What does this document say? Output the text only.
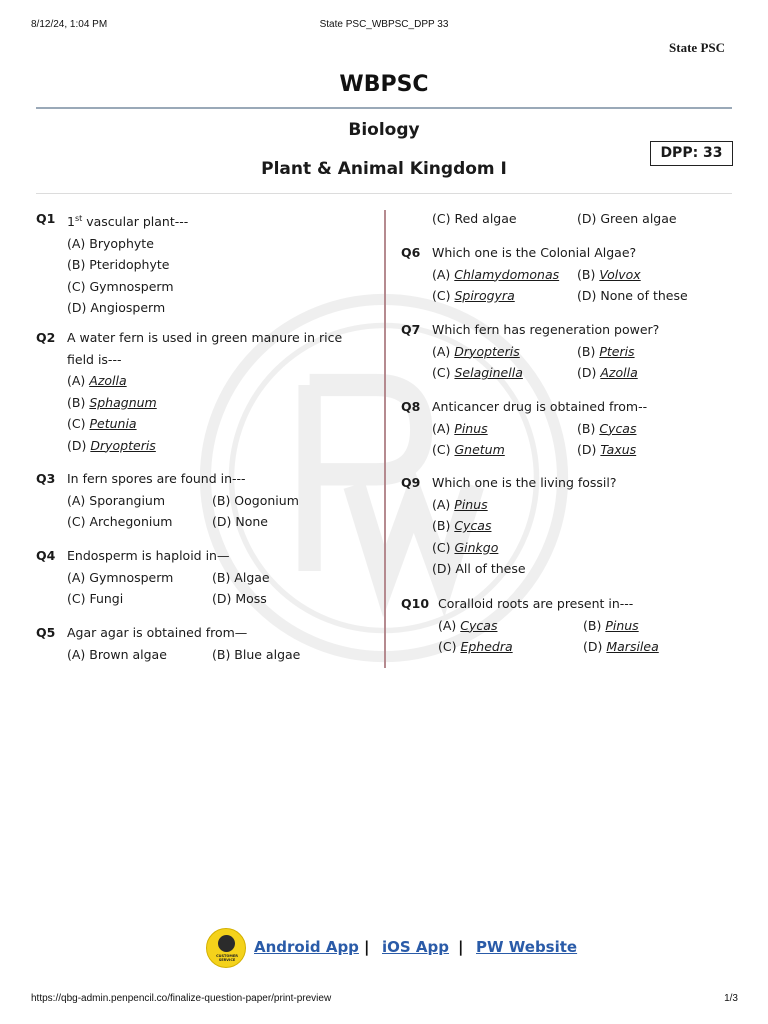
8/12/24, 1:04 PM	State PSC_WBPSC_DPP 33
State PSC
WBPSC
Biology
Plant & Animal Kingdom I
DPP: 33
Q1 1st vascular plant---
(A) Bryophyte
(B) Pteridophyte
(C) Gymnosperm
(D) Angiosperm
Q2 A water fern is used in green manure in rice field is---
(A) Azolla
(B) Sphagnum
(C) Petunia
(D) Dryopteris
Q3 In fern spores are found in---
(A) Sporangium	(B) Oogonium
(C) Archegonium	(D) None
Q4 Endosperm is haploid in—
(A) Gymnosperm	(B) Algae
(C) Fungi	(D) Moss
Q5 Agar agar is obtained from—
(A) Brown algae	(B) Blue algae
(C) Red algae	(D) Green algae
Q6 Which one is the Colonial Algae?
(A) Chlamydomonas	(B) Volvox
(C) Spirogyra	(D) None of these
Q7 Which fern has regeneration power?
(A) Dryopteris	(B) Pteris
(C) Selaginella	(D) Azolla
Q8 Anticancer drug is obtained from--
(A) Pinus	(B) Cycas
(C) Gnetum	(D) Taxus
Q9 Which one is the living fossil?
(A) Pinus
(B) Cycas
(C) Ginkgo
(D) All of these
Q10 Coralloid roots are present in---
(A) Cycas	(B) Pinus
(C) Ephedra	(D) Marsilea
CUSTOMER SERVICE
Android App | iOS App | PW Website
https://qbg-admin.penpencil.co/finalize-question-paper/print-preview	1/3
